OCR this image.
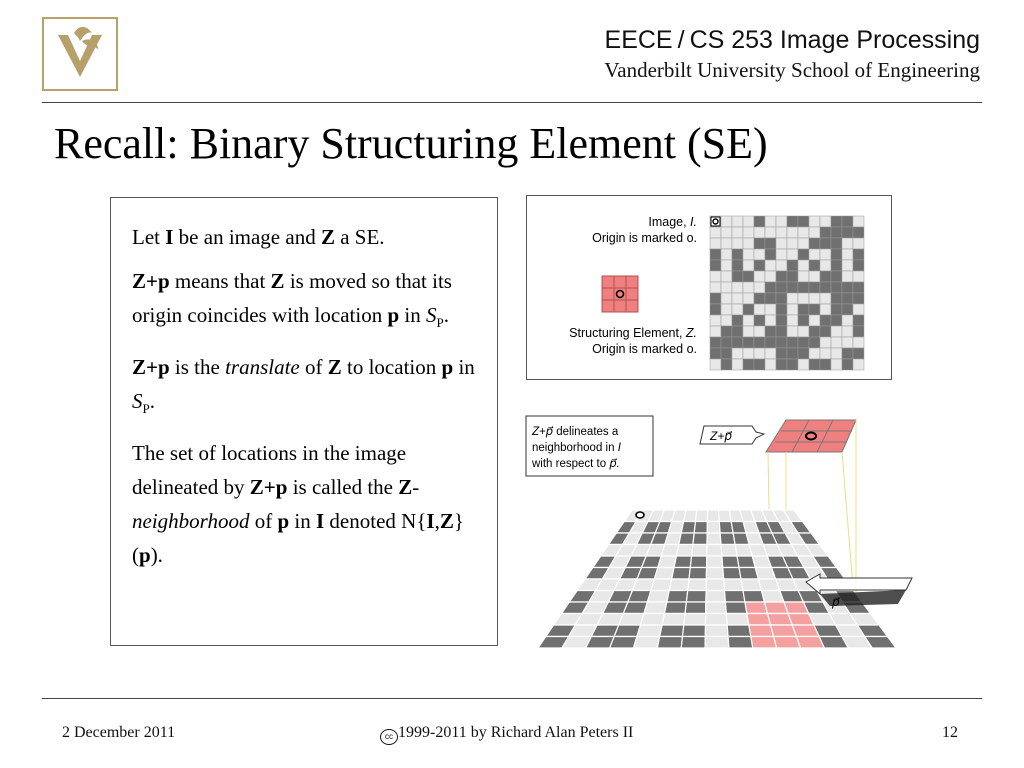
EECE / CS 253 Image Processing
Vanderbilt University School of Engineering
Recall: Binary Structuring Element (SE)

Let I be an image and Z a SE.

Z+p means that Z is moved so that its origin coincides with location p in $S_P$.

Z+p is the translate of Z to location p in $S_P$.

The set of locations in the image delineated by Z+p is called the Z-neighborhood of p in I denoted N{I,Z}(p).

Image, I.
Origin is marked o.
Structuring Element, Z.
Origin is marked o.
Z+p⃗ delineates a
neighborhood in I
with respect to p⃗.
Z+p⃗
p⃗
2 December 2011	cc 1999-2011 by Richard Alan Peters II	12
